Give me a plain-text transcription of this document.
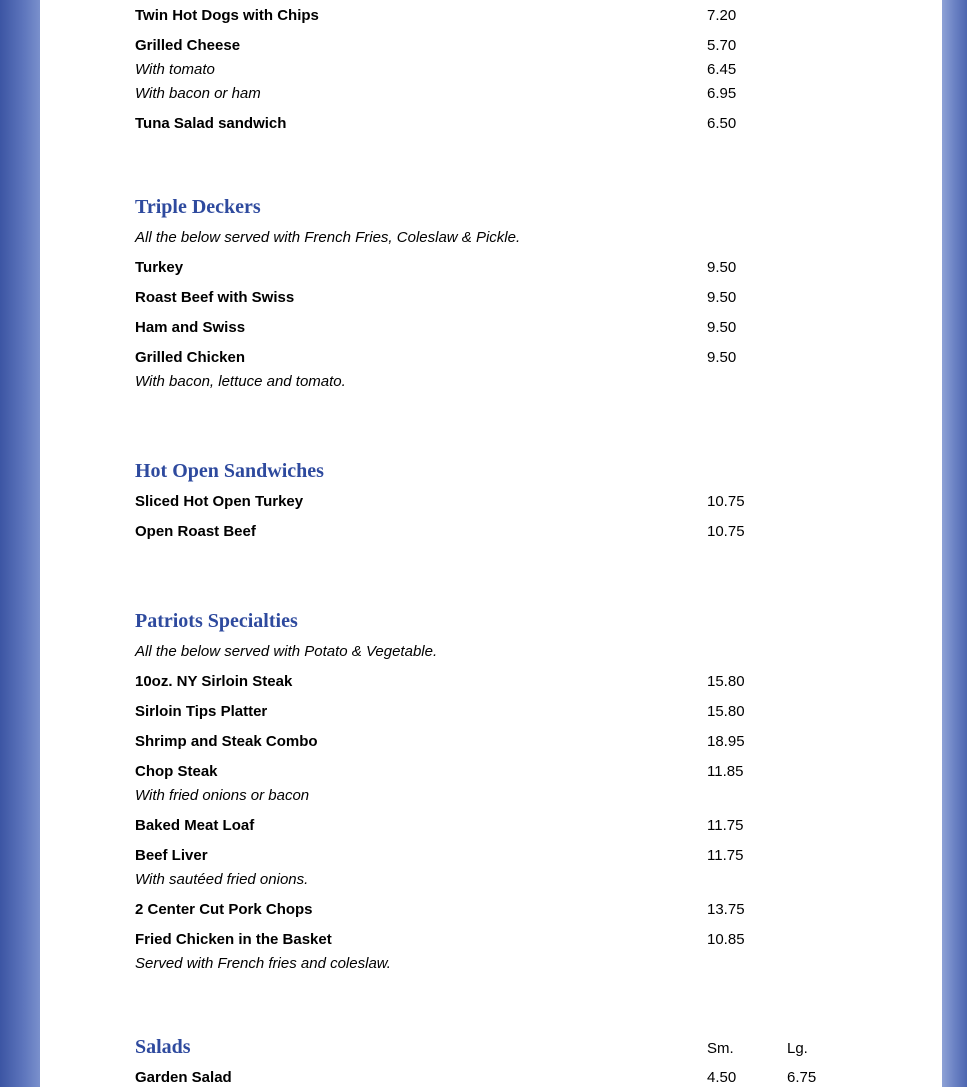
Twin Hot Dogs with Chips	7.20
Grilled Cheese	5.70
With tomato	6.45
With bacon or ham	6.95
Tuna Salad sandwich	6.50
Triple Deckers
All the below served with French Fries, Coleslaw & Pickle.
Turkey	9.50
Roast Beef with Swiss	9.50
Ham and Swiss	9.50
Grilled Chicken	9.50
With bacon, lettuce and tomato.
Hot Open Sandwiches
Sliced Hot Open Turkey	10.75
Open Roast Beef	10.75
Patriots Specialties
All the below served with Potato & Vegetable.
10oz. NY Sirloin Steak	15.80
Sirloin Tips Platter	15.80
Shrimp and Steak Combo	18.95
Chop Steak	11.85
With fried onions or bacon
Baked Meat Loaf	11.75
Beef Liver	11.75
With sautéed fried onions.
2 Center Cut Pork Chops	13.75
Fried Chicken in the Basket	10.85
Served with French fries and coleslaw.
Salads	Sm.	Lg.
Garden Salad	4.50	6.75
